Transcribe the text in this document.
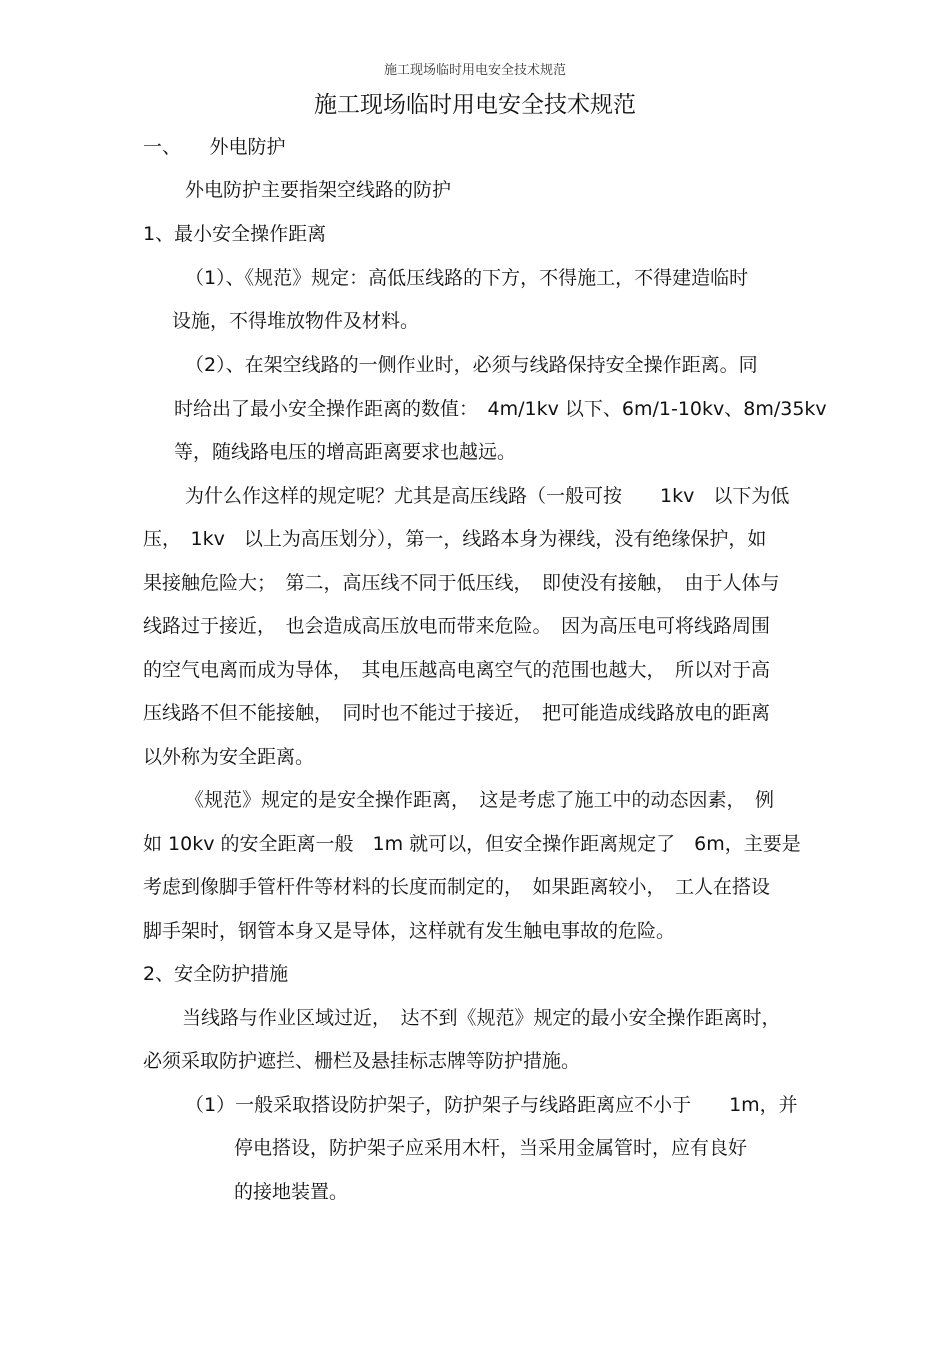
施工现场临时用电安全技术规范
施工现场临时用电安全技术规范
一、　　外电防护
外电防护主要指架空线路的防护
1、最小安全操作距离
（1）、《规范》规定：高低压线路的下方，不得施工，不得建造临时
设施，不得堆放物件及材料。
（2）、在架空线路的一侧作业时，必须与线路保持安全操作距离。同
时给出了最小安全操作距离的数值：　4m/1kv 以下、6m/1-10kv、8m/35kv
等，随线路电压的增高距离要求也越远。
为什么作这样的规定呢？尤其是高压线路（一般可按　　1kv　以下为低
压，　1kv　以上为高压划分），第一，线路本身为裸线，没有绝缘保护，如
果接触危险大；　第二，高压线不同于低压线，　即使没有接触，　由于人体与
线路过于接近，　也会造成高压放电而带来危险。　因为高压电可将线路周围
的空气电离而成为导体，　其电压越高电离空气的范围也越大，　所以对于高
压线路不但不能接触，　同时也不能过于接近，　把可能造成线路放电的距离
以外称为安全距离。
《规范》规定的是安全操作距离，　这是考虑了施工中的动态因素，　例
如 10kv 的安全距离一般　1m 就可以，但安全操作距离规定了　6m，主要是
考虑到像脚手管杆件等材料的长度而制定的，　如果距离较小，　工人在搭设
脚手架时，钢管本身又是导体，这样就有发生触电事故的危险。
2、安全防护措施
当线路与作业区域过近，　达不到《规范》规定的最小安全操作距离时，
必须采取防护遮拦、栅栏及悬挂标志牌等防护措施。
（1）一般采取搭设防护架子，防护架子与线路距离应不小于　　1m，并
停电搭设，防护架子应采用木杆，当采用金属管时，应有良好
的接地装置。
